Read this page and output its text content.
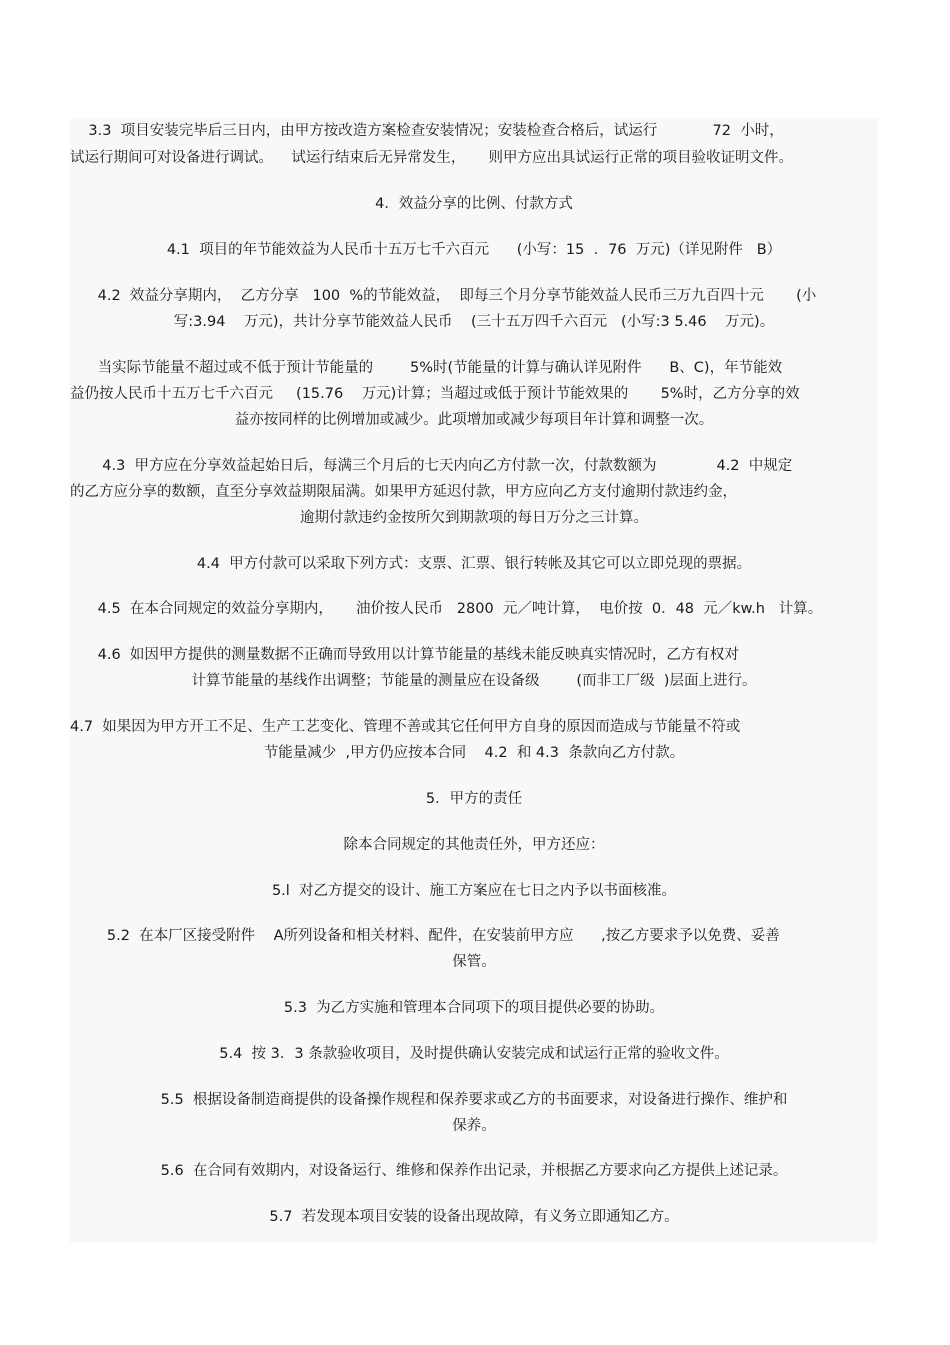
3.3  项目安装完毕后三日内，由甲方按改造方案检查安装情况；安装检查合格后，试运行            72  小时，
试运行期间可对设备进行调试。    试运行结束后无异常发生，     则甲方应出具试运行正常的项目验收证明文件。
4．效益分享的比例、付款方式
4.1  项目的年节能效益为人民币十五万七千六百元      (小写：15  ．76  万元)（详见附件   B）
4.2  效益分享期内，  乙方分享   100  %的节能效益，  即每三个月分享节能效益人民币三万九百四十元       (小
写:3.94    万元)，共计分享节能效益人民币    (三十五万四千六百元   (小写:3 5.46    万元)。
当实际节能量不超过或不低于预计节能量的        5%时(节能量的计算与确认详见附件      B、C)，年节能效
益仍按人民币十五万七千六百元     (15.76    万元)计算；当超过或低于预计节能效果的       5%时，乙方分享的效
益亦按同样的比例增加或减少。此项增加或减少每项目年计算和调整一次。
4.3  甲方应在分享效益起始日后，每满三个月后的七天内向乙方付款一次，付款数额为             4.2  中规定
的乙方应分享的数额，直至分享效益期限届满。如果甲方延迟付款，甲方应向乙方支付逾期付款违约金，
逾期付款违约金按所欠到期款项的每日万分之三计算。
4.4  甲方付款可以采取下列方式：支票、汇票、银行转帐及其它可以立即兑现的票据。
4.5  在本合同规定的效益分享期内，     油价按人民币   2800  元／吨计算，  电价按  0．48  元／kw.h   计算。
4.6  如因甲方提供的测量数据不正确而导致用以计算节能量的基线未能反映真实情况时，乙方有权对
计算节能量的基线作出调整；节能量的测量应在设备级        (而非工厂级  )层面上进行。
4.7  如果因为甲方开工不足、生产工艺变化、管理不善或其它任何甲方自身的原因而造成与节能量不符或
节能量减少  ,甲方仍应按本合同    4.2  和 4.3  条款向乙方付款。
5．甲方的责任
除本合同规定的其他责任外，甲方还应：
5.l  对乙方提交的设计、施工方案应在七日之内予以书面核准。
5.2  在本厂区接受附件    A所列设备和相关材料、配件，在安装前甲方应      ,按乙方要求予以免费、妥善
保管。
5.3  为乙方实施和管理本合同项下的项目提供必要的协助。
5.4  按 3．3 条款验收项目，及时提供确认安装完成和试运行正常的验收文件。
5.5  根据设备制造商提供的设备操作规程和保养要求或乙方的书面要求，对设备进行操作、维护和
保养。
5.6  在合同有效期内，对设备运行、维修和保养作出记录，并根据乙方要求向乙方提供上述记录。
5.7  若发现本项目安装的设备出现故障，有义务立即通知乙方。
